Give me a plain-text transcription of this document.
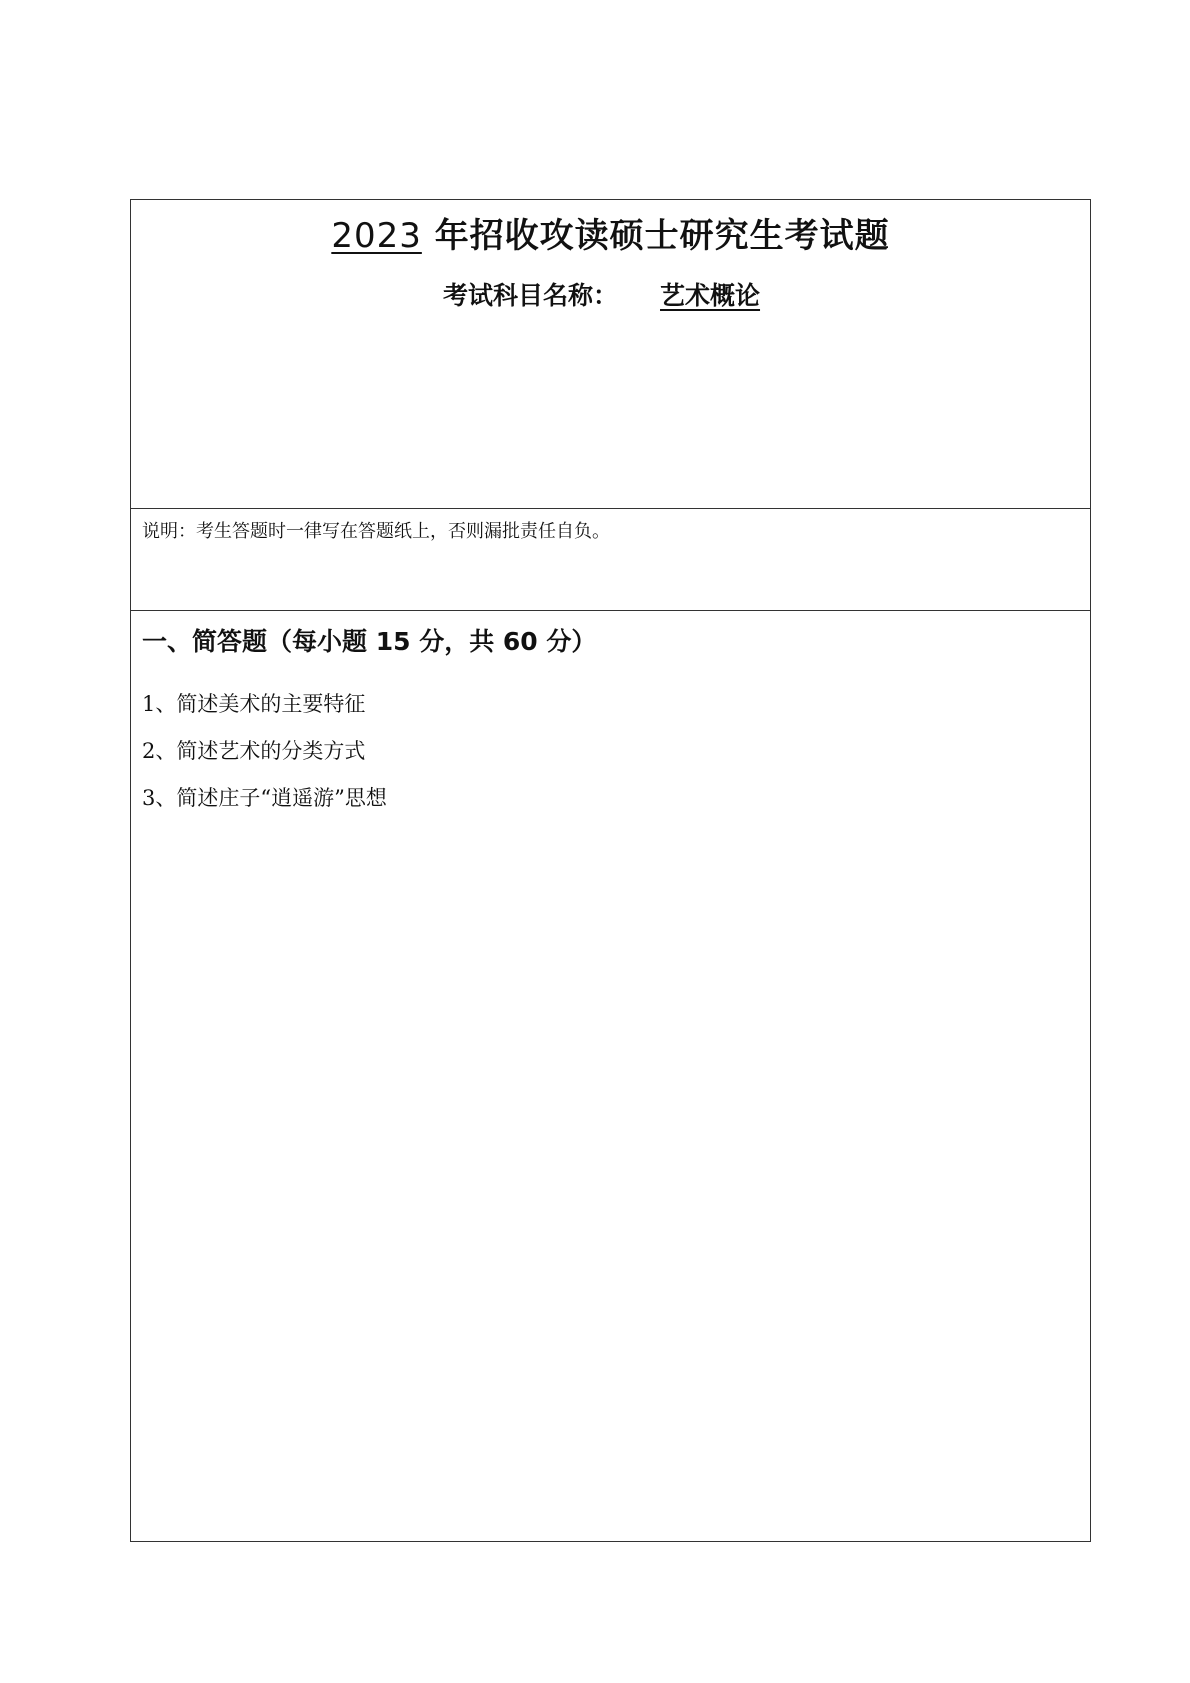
2023 年招收攻读硕士研究生考试题
考试科目名称： 艺术概论
说明：考生答题时一律写在答题纸上，否则漏批责任自负。
一、简答题（每小题 15 分，共 60 分）
1、简述美术的主要特征
2、简述艺术的分类方式
3、简述庄子“逍遥游”思想
